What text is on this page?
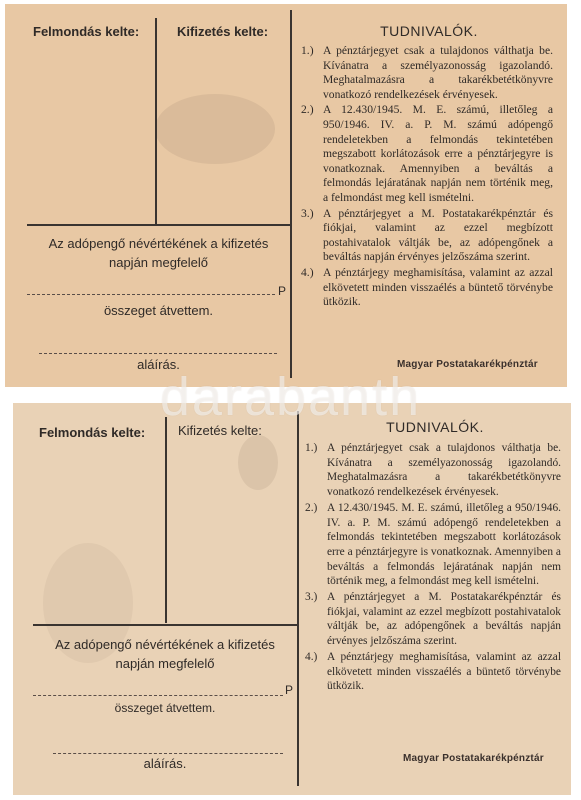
Felmondás kelte:	Kifizetés kelte:
Az adópengő névértékének a kifizetés
napján megfelelő
P
összeget átvettem.
aláírás.
TUDNIVALÓK.
1.) A pénztárjegyet csak a tulajdonos válthatja be. Kívánatra a személyazonosság igazolandó. Meghatalmazásra a takarékbetétkönyvre vonatkozó rendelkezések érvényesek.
2.) A 12.430/1945. M. E. számú, illetőleg a 950/1946. IV. a. P. M. számú adópengő rendeletekben a felmondás tekintetében megszabott korlátozások erre a pénztárjegyre is vonatkoznak. Amennyiben a beváltás a felmondás lejáratának napján nem történik meg, a felmondást meg kell ismételni.
3.) A pénztárjegyet a M. Postatakarékpénztár és fiókjai, valamint az ezzel megbízott postahivatalok váltják be, az adópengőnek a beváltás napján érvényes jelzőszáma szerint.
4.) A pénztárjegy meghamisítása, valamint az azzal elkövetett minden visszaélés a büntető törvénybe ütközik.
Magyar Postatakarékpénztár
Felmondás kelte:	Kifizetés kelte:
Az adópengő névértékének a kifizetés
napján megfelelő
P
összeget átvettem.
aláírás.
TUDNIVALÓK.
1.) A pénztárjegyet csak a tulajdonos válthatja be. Kívánatra a személyazonosság igazolandó. Meghatalmazásra a takarékbetétkönyvre vonatkozó rendelkezések érvényesek.
2.) A 12.430/1945. M. E. számú, illetőleg a 950/1946. IV. a. P. M. számú adópengő rendeletekben a felmondás tekintetében megszabott korlátozások erre a pénztárjegyre is vonatkoznak. Amennyiben a beváltás a felmondás lejáratának napján nem történik meg, a felmondást meg kell ismételni.
3.) A pénztárjegyet a M. Postatakarékpénztár és fiókjai, valamint az ezzel megbízott postahivatalok váltják be, az adópengőnek a beváltás napján érvényes jelzőszáma szerint.
4.) A pénztárjegy meghamisítása, valamint az azzal elkövetett minden visszaélés a büntető törvénybe ütközik.
Magyar Postatakarékpénztár
darabanth
